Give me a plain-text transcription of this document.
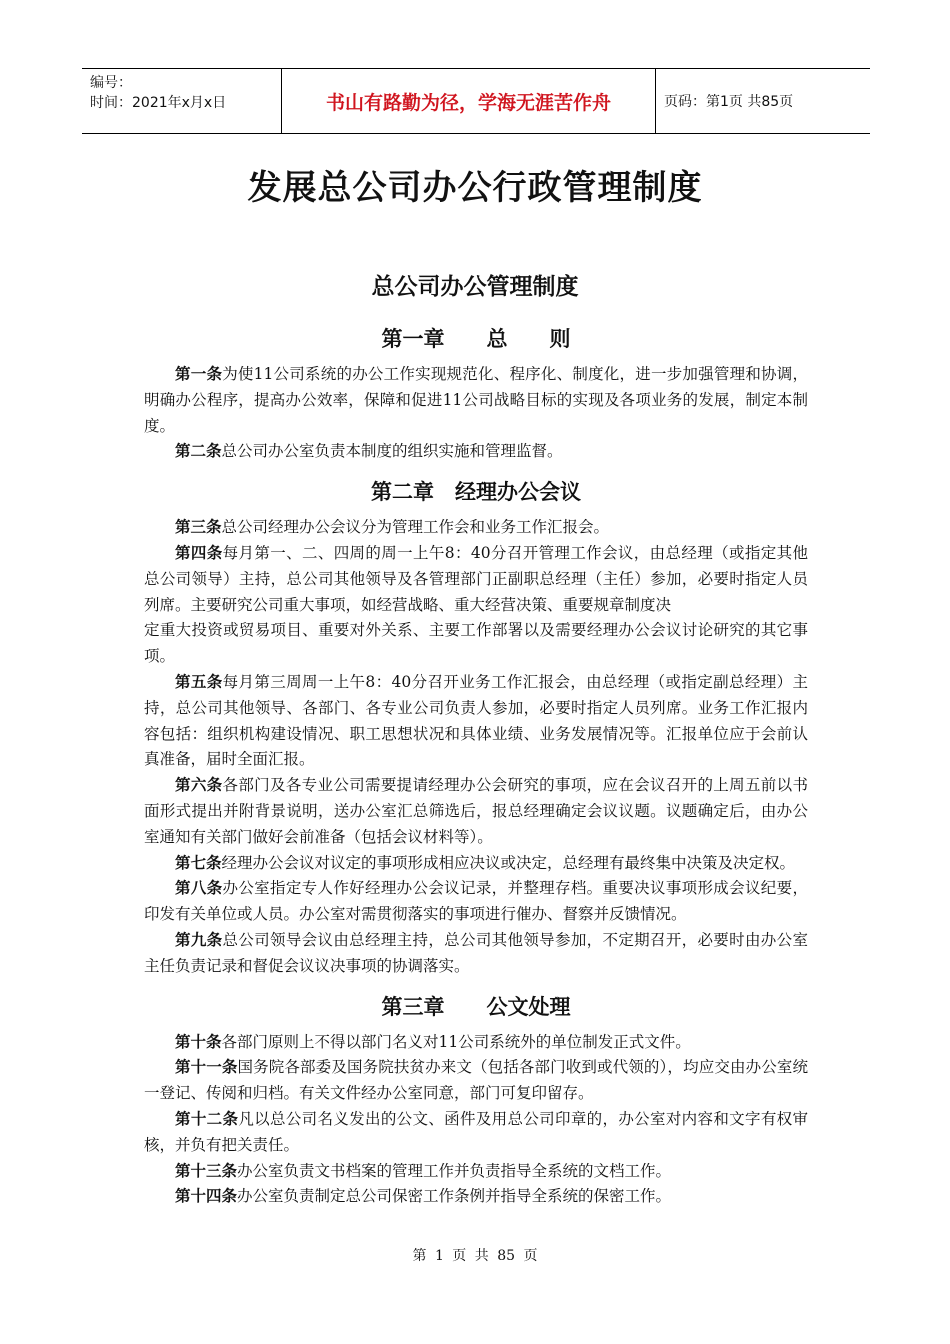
编号：
时间：2021年x月x日	书山有路勤为径，学海无涯苦作舟	页码：第1页 共85页
发展总公司办公行政管理制度
总公司办公管理制度
第一章　　总　　则

第一条为使11公司系统的办公工作实现规范化、程序化、制度化，进一步加强管理和协调，明确办公程序，提高办公效率，保障和促进11公司战略目标的实现及各项业务的发展，制定本制度。

第二条总公司办公室负责本制度的组织实施和管理监督。

第二章　经理办公会议

第三条总公司经理办公会议分为管理工作会和业务工作汇报会。

第四条每月第一、二、四周的周一上午8：40分召开管理工作会议，由总经理（或指定其他总公司领导）主持，总公司其他领导及各管理部门正副职总经理（主任）参加，必要时指定人员列席。主要研究公司重大事项，如经营战略、重大经营决策、重要规章制度决

定重大投资或贸易项目、重要对外关系、主要工作部署以及需要经理办公会议讨论研究的其它事项。

第五条每月第三周周一上午8：40分召开业务工作汇报会，由总经理（或指定副总经理）主持，总公司其他领导、各部门、各专业公司负责人参加，必要时指定人员列席。业务工作汇报内容包括：组织机构建设情况、职工思想状况和具体业绩、业务发展情况等。汇报单位应于会前认真准备，届时全面汇报。

第六条各部门及各专业公司需要提请经理办公会研究的事项，应在会议召开的上周五前以书面形式提出并附背景说明，送办公室汇总筛选后，报总经理确定会议议题。议题确定后，由办公室通知有关部门做好会前准备（包括会议材料等）。

第七条经理办公会议对议定的事项形成相应决议或决定，总经理有最终集中决策及决定权。

第八条办公室指定专人作好经理办公会议记录，并整理存档。重要决议事项形成会议纪要，印发有关单位或人员。办公室对需贯彻落实的事项进行催办、督察并反馈情况。

第九条总公司领导会议由总经理主持，总公司其他领导参加，不定期召开，必要时由办公室主任负责记录和督促会议议决事项的协调落实。

第三章　　公文处理

第十条各部门原则上不得以部门名义对11公司系统外的单位制发正式文件。

第十一条国务院各部委及国务院扶贫办来文（包括各部门收到或代领的），均应交由办公室统一登记、传阅和归档。有关文件经办公室同意，部门可复印留存。

第十二条凡以总公司名义发出的公文、函件及用总公司印章的，办公室对内容和文字有权审核，并负有把关责任。

第十三条办公室负责文书档案的管理工作并负责指导全系统的文档工作。

第十四条办公室负责制定总公司保密工作条例并指导全系统的保密工作。

第 1 页 共 85 页
